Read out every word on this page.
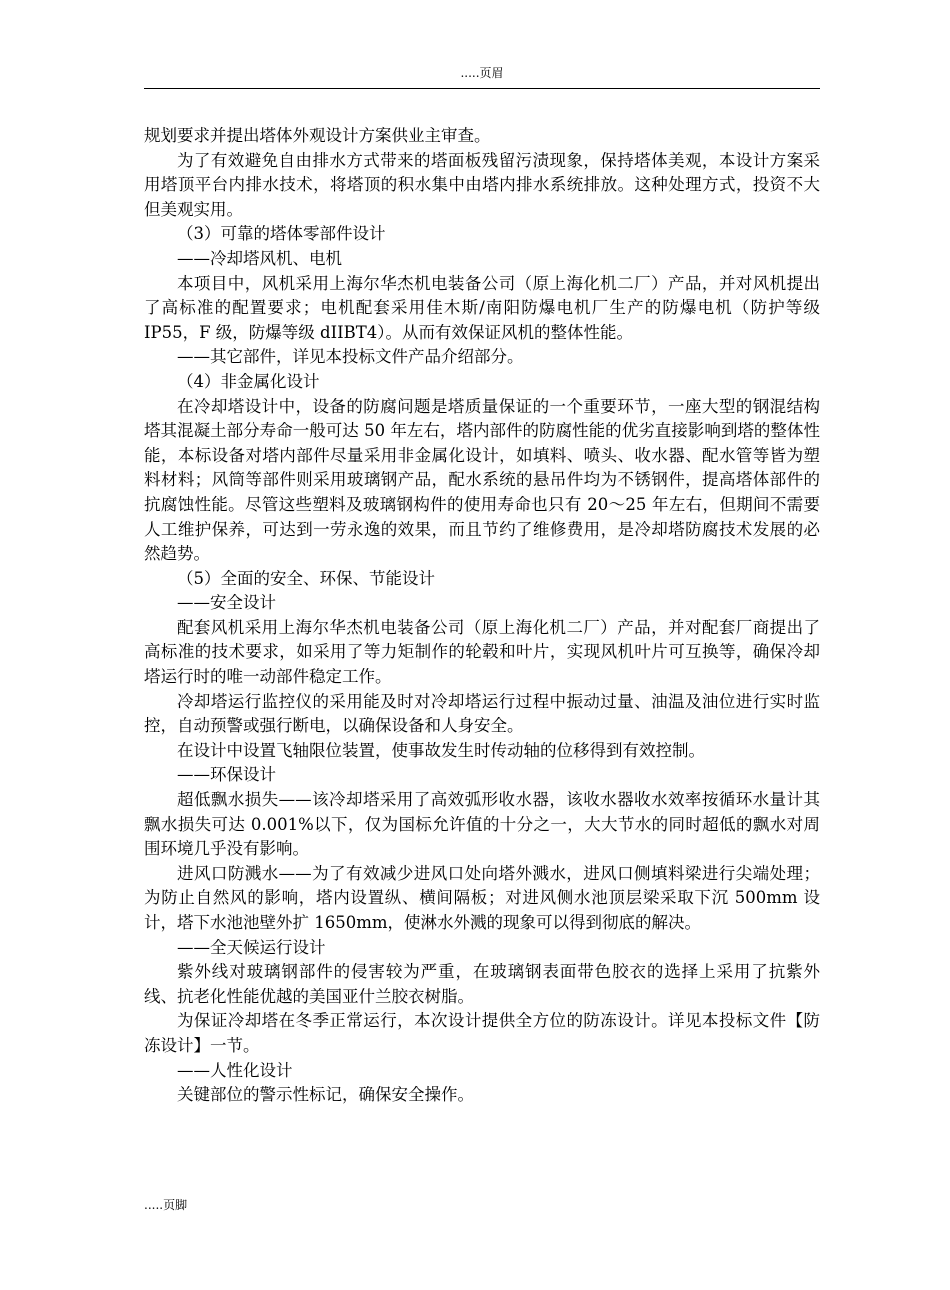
.....页眉

规划要求并提出塔体外观设计方案供业主审查。

为了有效避免自由排水方式带来的塔面板残留污渍现象，保持塔体美观，本设计方案采用塔顶平台内排水技术，将塔顶的积水集中由塔内排水系统排放。这种处理方式，投资不大但美观实用。

（3）可靠的塔体零部件设计

——冷却塔风机、电机

本项目中，风机采用上海尔华杰机电装备公司（原上海化机二厂）产品，并对风机提出了高标准的配置要求；电机配套采用佳木斯/南阳防爆电机厂生产的防爆电机（防护等级 IP55，F 级，防爆等级 dIIBT4）。从而有效保证风机的整体性能。

——其它部件，详见本投标文件产品介绍部分。

（4）非金属化设计

在冷却塔设计中，设备的防腐问题是塔质量保证的一个重要环节，一座大型的钢混结构塔其混凝土部分寿命一般可达 50 年左右，塔内部件的防腐性能的优劣直接影响到塔的整体性能，本标设备对塔内部件尽量采用非金属化设计，如填料、喷头、收水器、配水管等皆为塑料材料；风筒等部件则采用玻璃钢产品，配水系统的悬吊件均为不锈钢件，提高塔体部件的抗腐蚀性能。尽管这些塑料及玻璃钢构件的使用寿命也只有 20～25 年左右，但期间不需要人工维护保养，可达到一劳永逸的效果，而且节约了维修费用，是冷却塔防腐技术发展的必然趋势。

（5）全面的安全、环保、节能设计

——安全设计

配套风机采用上海尔华杰机电装备公司（原上海化机二厂）产品，并对配套厂商提出了高标准的技术要求，如采用了等力矩制作的轮毂和叶片，实现风机叶片可互换等，确保冷却塔运行时的唯一动部件稳定工作。

冷却塔运行监控仪的采用能及时对冷却塔运行过程中振动过量、油温及油位进行实时监控，自动预警或强行断电，以确保设备和人身安全。

在设计中设置飞轴限位装置，使事故发生时传动轴的位移得到有效控制。

——环保设计

超低飘水损失——该冷却塔采用了高效弧形收水器，该收水器收水效率按循环水量计其飘水损失可达 0.001%以下，仅为国标允许值的十分之一，大大节水的同时超低的飘水对周围环境几乎没有影响。

进风口防溅水——为了有效减少进风口处向塔外溅水，进风口侧填料梁进行尖端处理；为防止自然风的影响，塔内设置纵、横间隔板；对进风侧水池顶层梁采取下沉 500mm 设计，塔下水池池壁外扩 1650mm，使淋水外溅的现象可以得到彻底的解决。

——全天候运行设计

紫外线对玻璃钢部件的侵害较为严重，在玻璃钢表面带色胶衣的选择上采用了抗紫外线、抗老化性能优越的美国亚什兰胶衣树脂。

为保证冷却塔在冬季正常运行，本次设计提供全方位的防冻设计。详见本投标文件【防冻设计】一节。

——人性化设计

关键部位的警示性标记，确保安全操作。

.....页脚
